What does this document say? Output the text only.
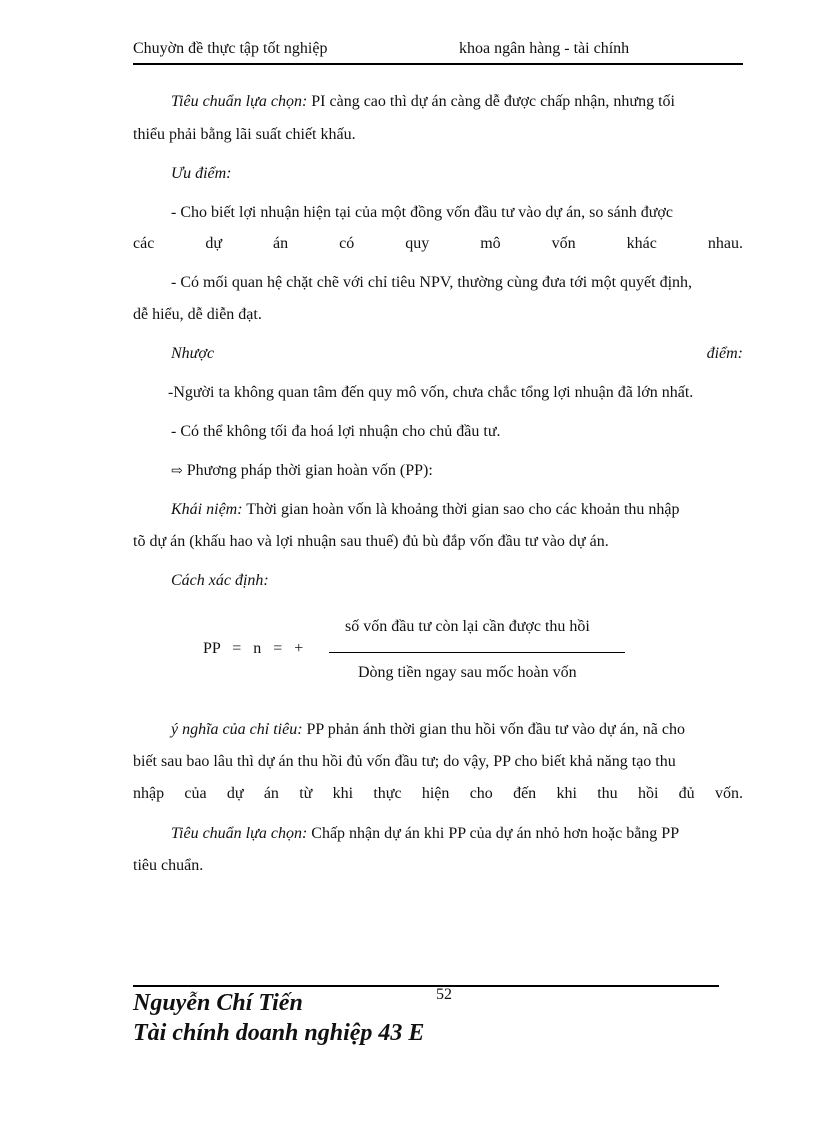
Chuyờn đề thực tập tốt nghiệp	khoa ngân hàng - tài chính
Tiêu chuẩn lựa chọn: PI càng cao thì dự án càng dễ được chấp nhận, nhưng tối
thiểu phải bằng lãi suất chiết khấu.
Ưu điểm:
- Cho biết lợi nhuận hiện tại của một đồng vốn đầu tư vào dự án, so sánh được
các	dự	án	có	quy	mô	vốn	khác	nhau.
- Có mối quan hệ chặt chẽ với chỉ tiêu NPV, thường cùng đưa tới một quyết định,
dễ hiểu, dễ diễn đạt.
Nhược	điểm:
-Người ta không quan tâm đến quy mô vốn, chưa chắc tổng lợi nhuận đã lớn nhất.
- Có thể không tối đa hoá lợi nhuận cho chủ đầu tư.
⇨ Phương pháp thời gian hoàn vốn (PP):
Khái niệm: Thời gian hoàn vốn là khoảng thời gian sao cho các khoản thu nhập
tõ dự án (khấu hao và lợi nhuận sau thuế) đủ bù đắp vốn đầu tư vào dự án.
Cách xác định:
PP = n = +
số vốn đầu tư còn lại cần được thu hồi
Dòng tiền ngay sau mốc hoàn vốn
ý nghĩa của chỉ tiêu: PP phản ánh thời gian thu hồi vốn đầu tư vào dự án, nã cho
biết sau bao lâu thì dự án thu hồi đủ vốn đầu tư; do vậy, PP cho biết khả năng tạo thu
nhập của dự án từ khi thực hiện cho đến khi thu hồi đủ vốn.
Tiêu chuẩn lựa chọn: Chấp nhận dự án khi PP của dự án nhỏ hơn hoặc bằng PP
tiêu chuẩn.
52
Nguyễn Chí Tiến
Tài chính doanh nghiệp 43 E
